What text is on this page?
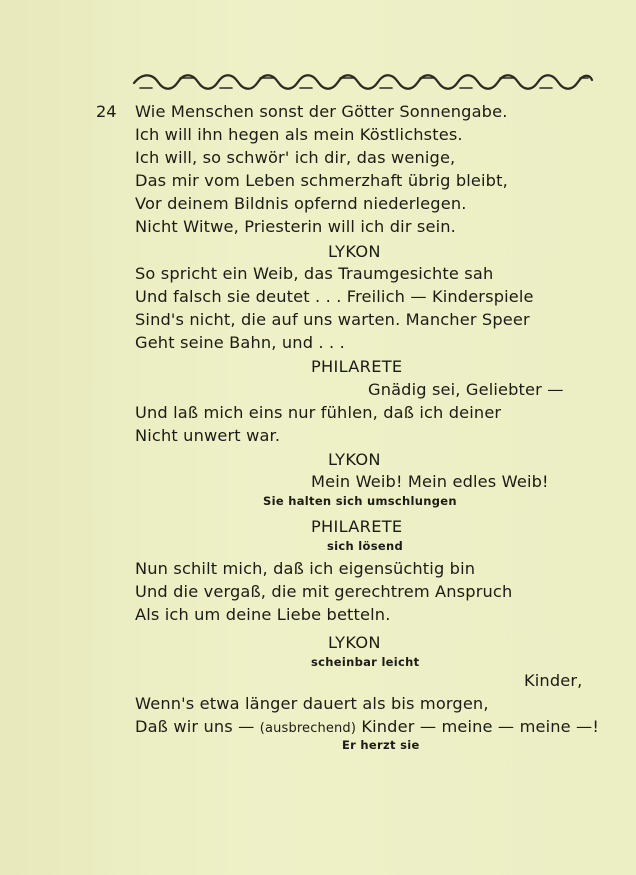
24 Wie Menschen sonst der Götter Sonnengabe.
Ich will ihn hegen als mein Köstlichstes.
Ich will, so schwör' ich dir, das wenige,
Das mir vom Leben schmerzhaft übrig bleibt,
Vor deinem Bildnis opfernd niederlegen.
Nicht Witwe, Priesterin will ich dir sein.
LYKON
So spricht ein Weib, das Traumgesichte sah
Und falsch sie deutet . . . Freilich — Kinderspiele
Sind's nicht, die auf uns warten. Mancher Speer
Geht seine Bahn, und . . .
PHILARETE
Gnädig sei, Geliebter —
Und laß mich eins nur fühlen, daß ich deiner
Nicht unwert war.
LYKON
Mein Weib! Mein edles Weib!
Sie halten sich umschlungen
PHILARETE
sich lösend
Nun schilt mich, daß ich eigensüchtig bin
Und die vergaß, die mit gerechtrem Anspruch
Als ich um deine Liebe betteln.
LYKON
scheinbar leicht
Kinder,
Wenn's etwa länger dauert als bis morgen,
Daß wir uns — (ausbrechend) Kinder — meine — meine —!
Er herzt sie
